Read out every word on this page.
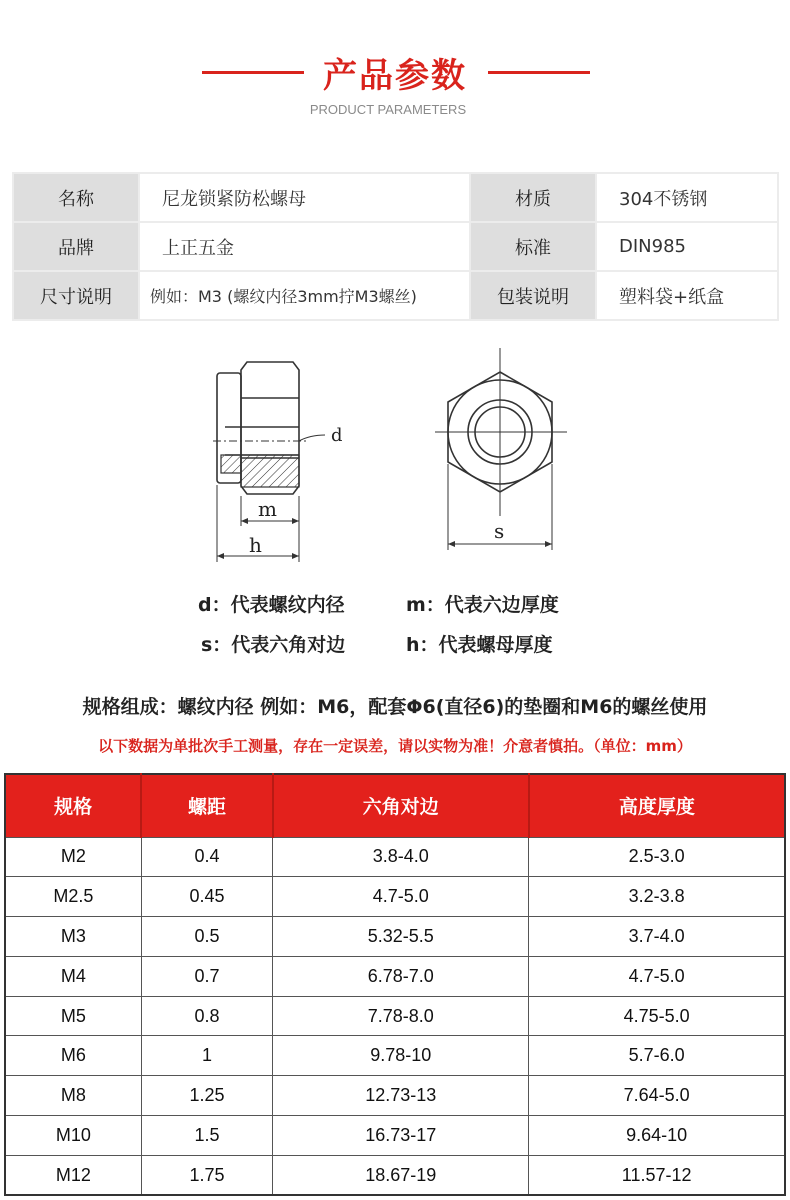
产品参数
PRODUCT PARAMETERS
名称	尼龙锁紧防松螺母	材质	304不锈钢
品牌	上正五金	标准	DIN985
尺寸说明	例如：M3 (螺纹内径3mm拧M3螺丝)	包装说明	塑料袋+纸盒
d
m
h
s
d：代表螺纹内径	m：代表六边厚度
s：代表六角对边	h：代表螺母厚度
规格组成：螺纹内径 例如：M6，配套Φ6(直径6)的垫圈和M6的螺丝使用
以下数据为单批次手工测量，存在一定误差，请以实物为准！介意者慎拍。（单位：mm）
规格	螺距	六角对边	高度厚度
M2	0.4	3.8-4.0	2.5-3.0
M2.5	0.45	4.7-5.0	3.2-3.8
M3	0.5	5.32-5.5	3.7-4.0
M4	0.7	6.78-7.0	4.7-5.0
M5	0.8	7.78-8.0	4.75-5.0
M6	1	9.78-10	5.7-6.0
M8	1.25	12.73-13	7.64-5.0
M10	1.5	16.73-17	9.64-10
M12	1.75	18.67-19	11.57-12
